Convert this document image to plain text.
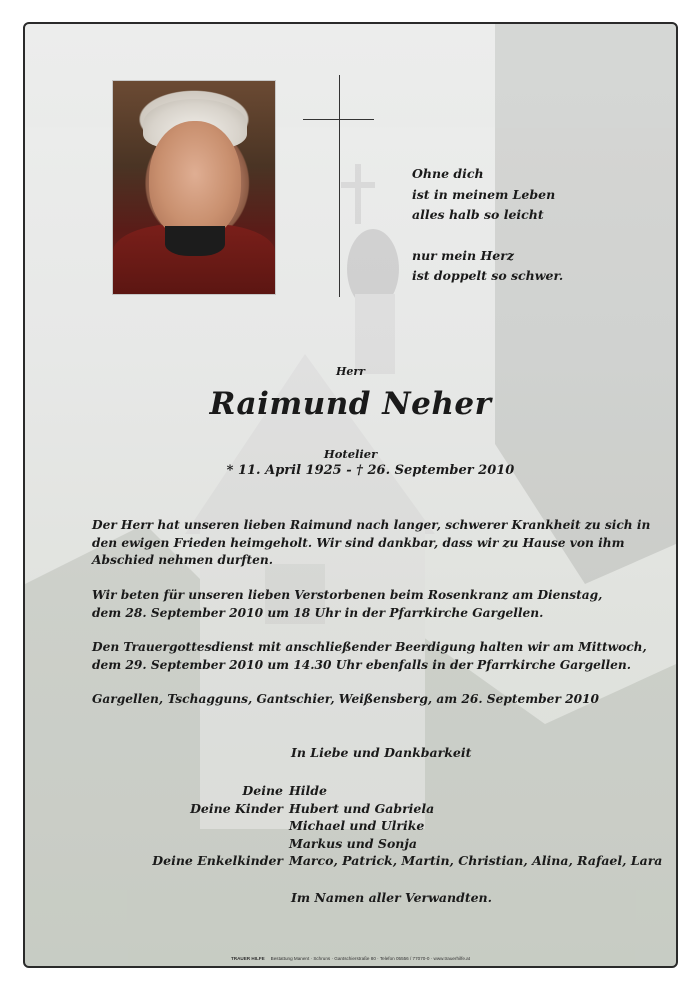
Ohne dich
ist in meinem Leben
alles halb so leicht
nur mein Herz
ist doppelt so schwer.
Herr
Raimund Neher
Hotelier
* 11. April 1925 - † 26. September 2010
Der Herr hat unseren lieben Raimund nach langer, schwerer Krankheit zu sich in
den ewigen Frieden heimgeholt. Wir sind dankbar, dass wir zu Hause von ihm
Abschied nehmen durften.
Wir beten für unseren lieben Verstorbenen beim Rosenkranz am Dienstag,
dem 28. September 2010 um 18 Uhr in der Pfarrkirche Gargellen.
Den Trauergottesdienst mit anschließender Beerdigung halten wir am Mittwoch,
dem 29. September 2010 um 14.30 Uhr ebenfalls in der Pfarrkirche Gargellen.
Gargellen, Tschagguns, Gantschier, Weißensberg, am 26. September 2010
In Liebe und Dankbarkeit
Deine Hilde
Deine Kinder Hubert und Gabriela
Michael und Ulrike
Markus und Sonja
Deine Enkelkinder Marco, Patrick, Martin, Christian, Alina, Rafael, Lara
Im Namen aller Verwandten.
TRAUER HILFE Bestattung Manent · Schruns · Gantschierstraße 80 · Telefon 05556 / 77070-0 · www.trauerhilfe.at
